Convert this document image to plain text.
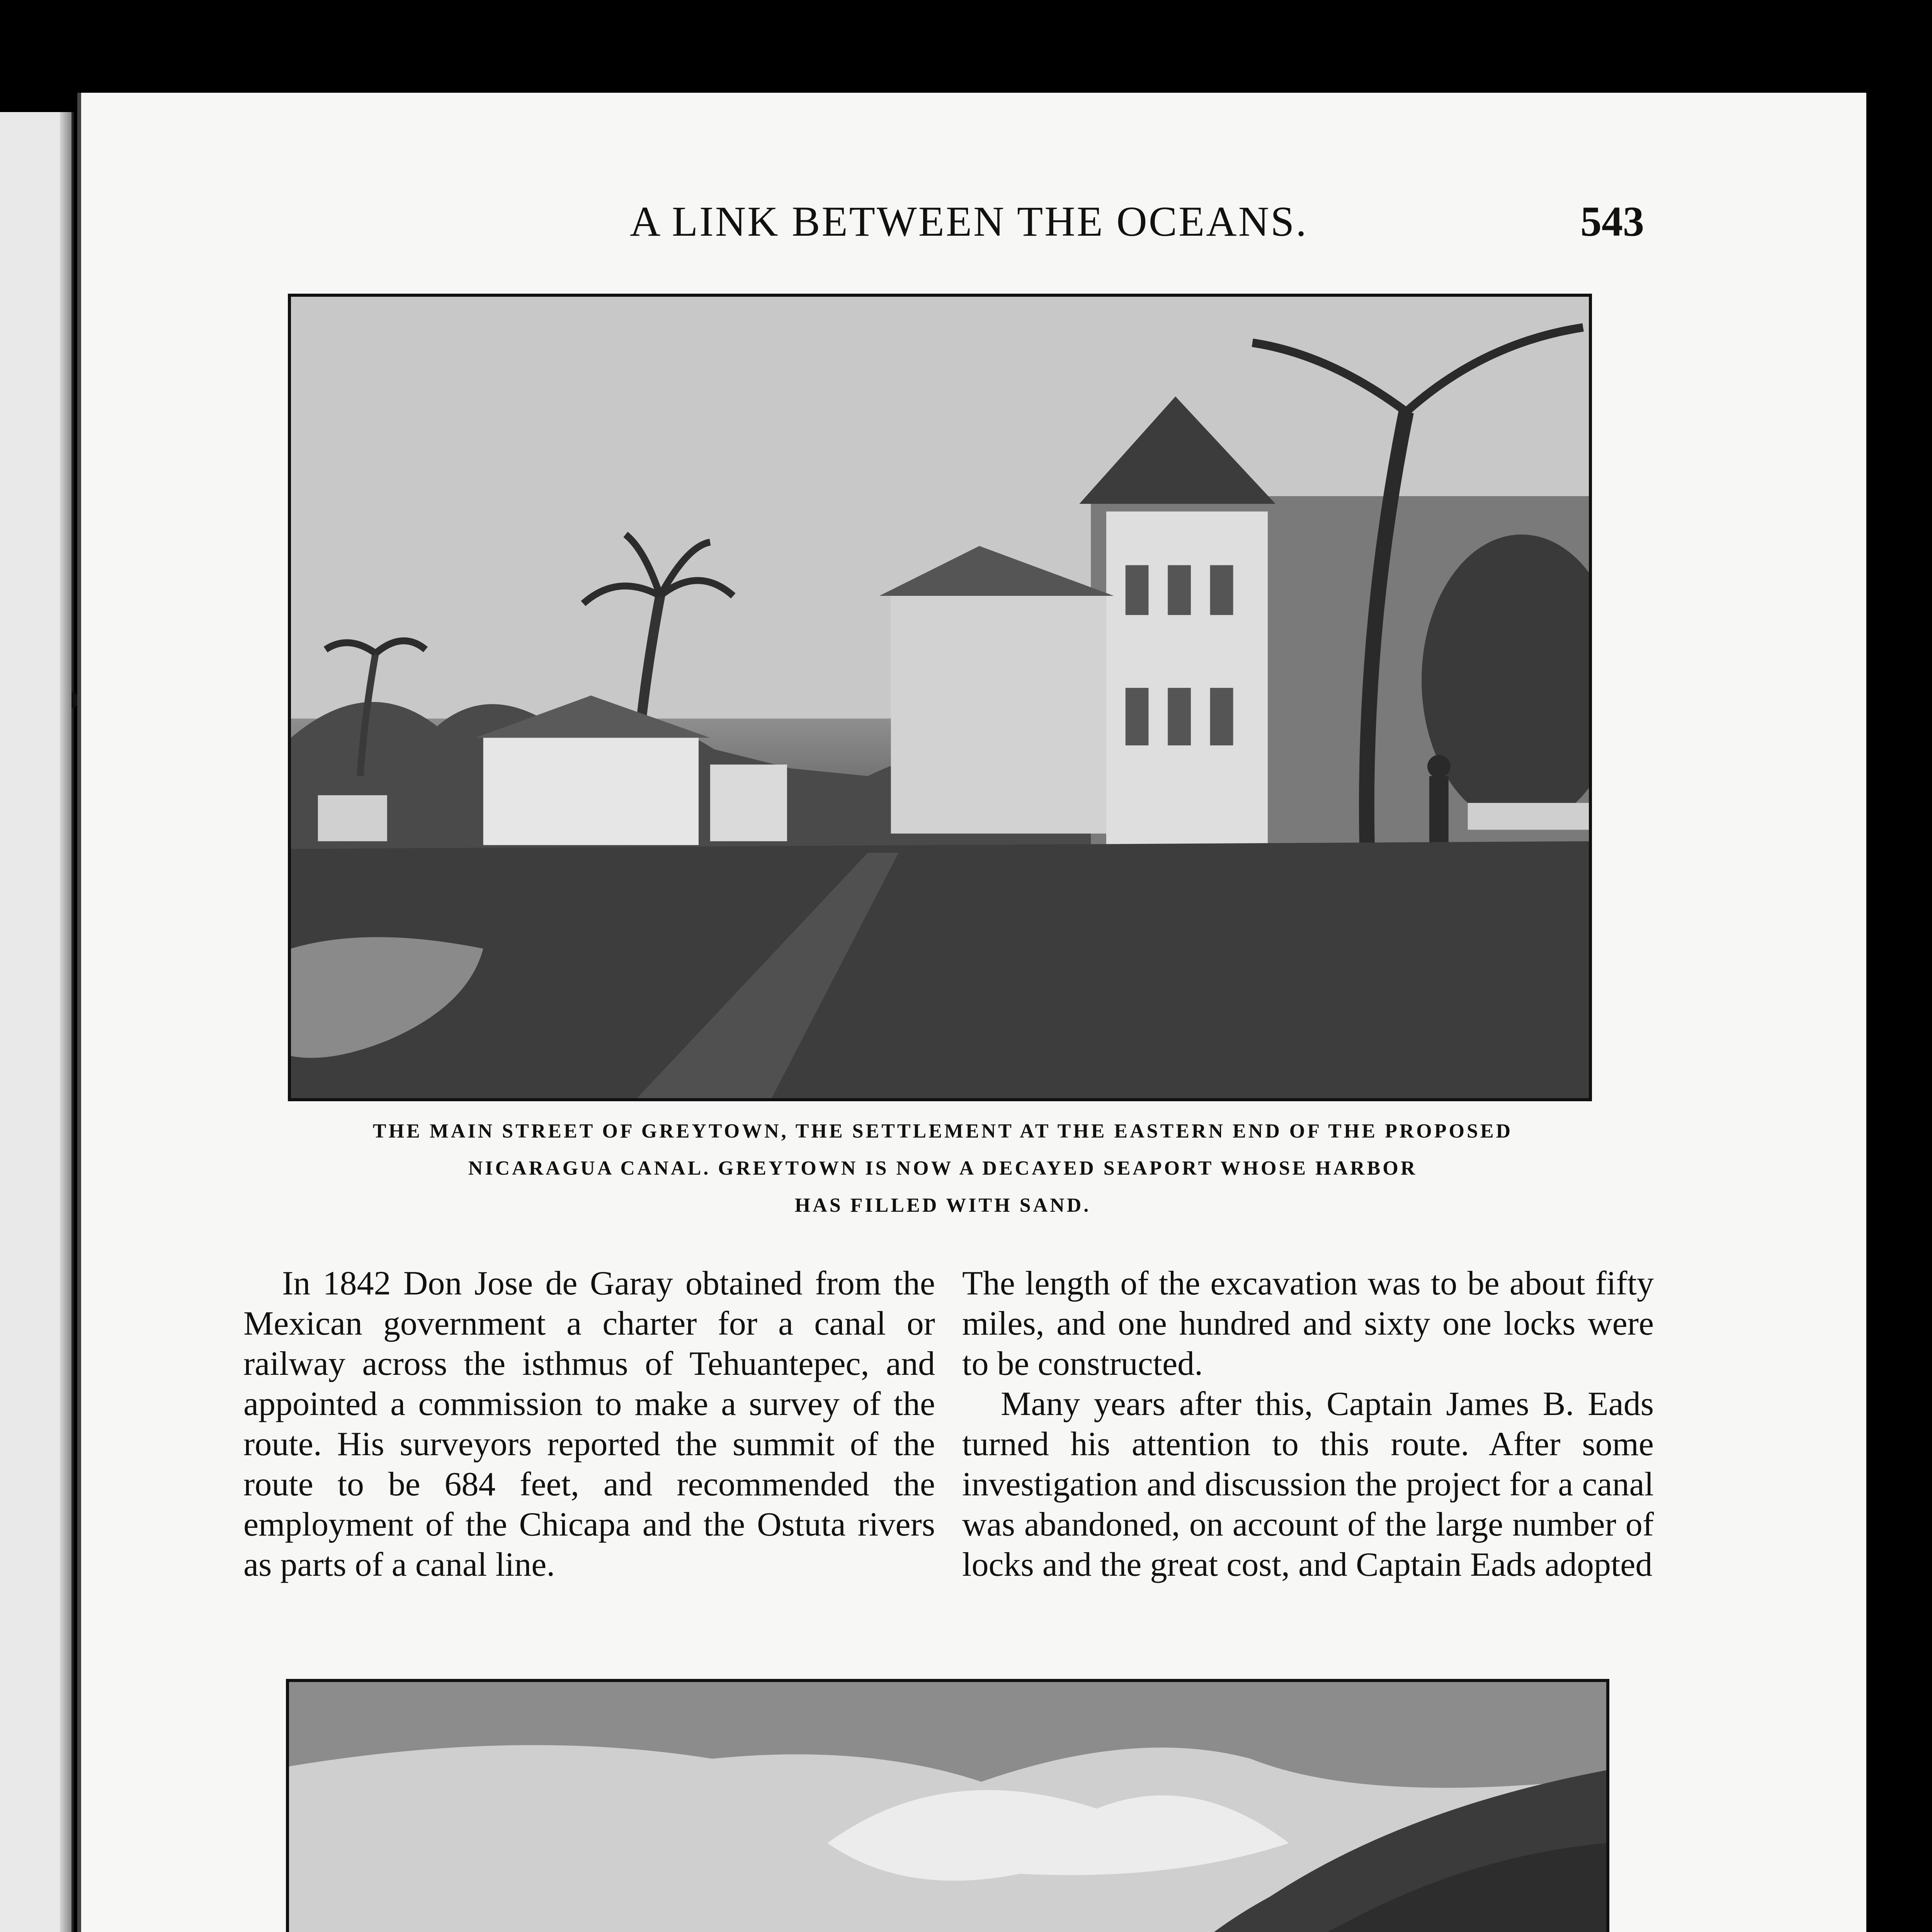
A LINK BETWEEN THE OCEANS.	543
THE MAIN STREET OF GREYTOWN, THE SETTLEMENT AT THE EASTERN END OF THE PROPOSED
NICARAGUA CANAL. GREYTOWN IS NOW A DECAYED SEAPORT WHOSE HARBOR
HAS FILLED WITH SAND.

In 1842 Don Jose de Garay obtained from the Mexican government a charter for a canal or railway across the isthmus of Tehuantepec, and appointed a commission to make a survey of the route. His surveyors reported the summit of the route to be 684 feet, and recommended the employment of the Chicapa and the Ostuta rivers as parts of a canal line.

The length of the excavation was to be about fifty miles, and one hundred and sixty one locks were to be constructed.

Many years after this, Captain James B. Eads turned his attention to this route. After some investigation and discussion the project for a canal was abandoned, on account of the large number of locks and the great cost, and Captain Eads adopted
